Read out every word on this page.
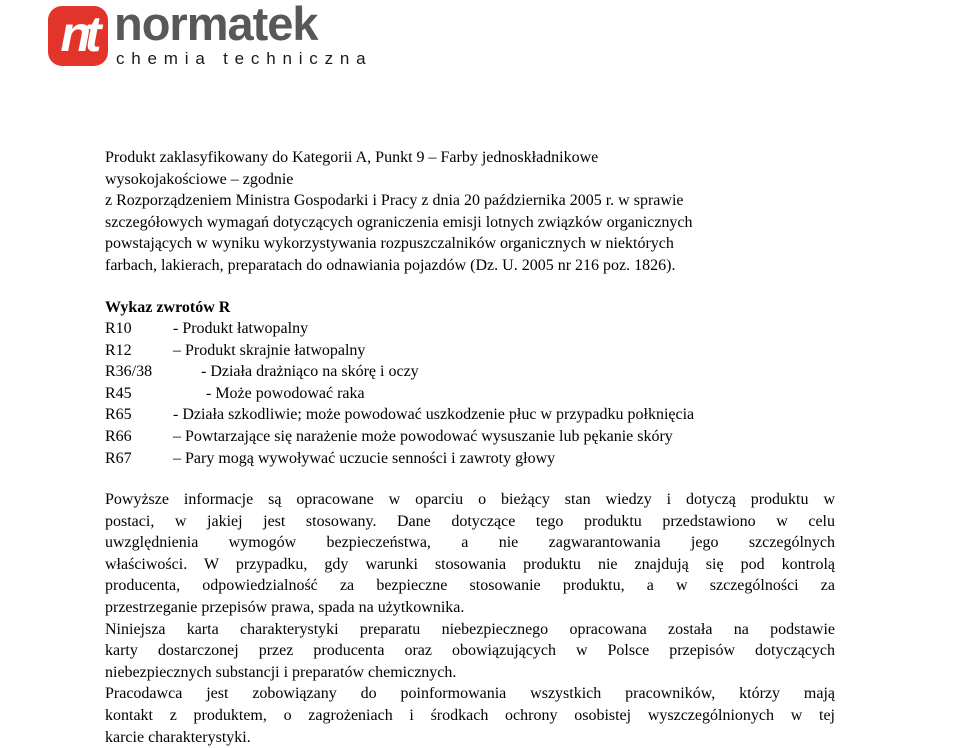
nt normatek
chemia techniczna
Produkt zaklasyfikowany do Kategorii A, Punkt 9 – Farby jednoskładnikowe
wysokojakościowe – zgodnie
z Rozporządzeniem Ministra Gospodarki i Pracy z dnia 20 października 2005 r. w sprawie
szczegółowych wymagań dotyczących ograniczenia emisji lotnych związków organicznych
powstających w wyniku wykorzystywania rozpuszczalników organicznych w niektórych
farbach, lakierach, preparatach do odnawiania pojazdów (Dz. U. 2005 nr 216 poz. 1826).
Wykaz zwrotów R
R10	- Produkt łatwopalny
R12	– Produkt skrajnie łatwopalny
R36/38	- Działa drażniąco na skórę i oczy
R45	- Może powodować raka
R65	- Działa szkodliwie; może powodować uszkodzenie płuc w przypadku połknięcia
R66	– Powtarzające się narażenie może powodować wysuszanie lub pękanie skóry
R67	– Pary mogą wywoływać uczucie senności i zawroty głowy
Powyższe informacje są opracowane w oparciu o bieżący stan wiedzy i dotyczą produktu w
postaci, w jakiej jest stosowany. Dane dotyczące tego produktu przedstawiono w celu
uwzględnienia wymogów bezpieczeństwa, a nie zagwarantowania jego szczególnych
właściwości. W przypadku, gdy warunki stosowania produktu nie znajdują się pod kontrolą
producenta, odpowiedzialność za bezpieczne stosowanie produktu, a w szczególności za
przestrzeganie przepisów prawa, spada na użytkownika.
Niniejsza karta charakterystyki preparatu niebezpiecznego opracowana została na podstawie
karty dostarczonej przez producenta oraz obowiązujących w Polsce przepisów dotyczących
niebezpiecznych substancji i preparatów chemicznych.
Pracodawca jest zobowiązany do poinformowania wszystkich pracowników, którzy mają
kontakt z produktem, o zagrożeniach i środkach ochrony osobistej wyszczególnionych w tej
karcie charakterystyki.
